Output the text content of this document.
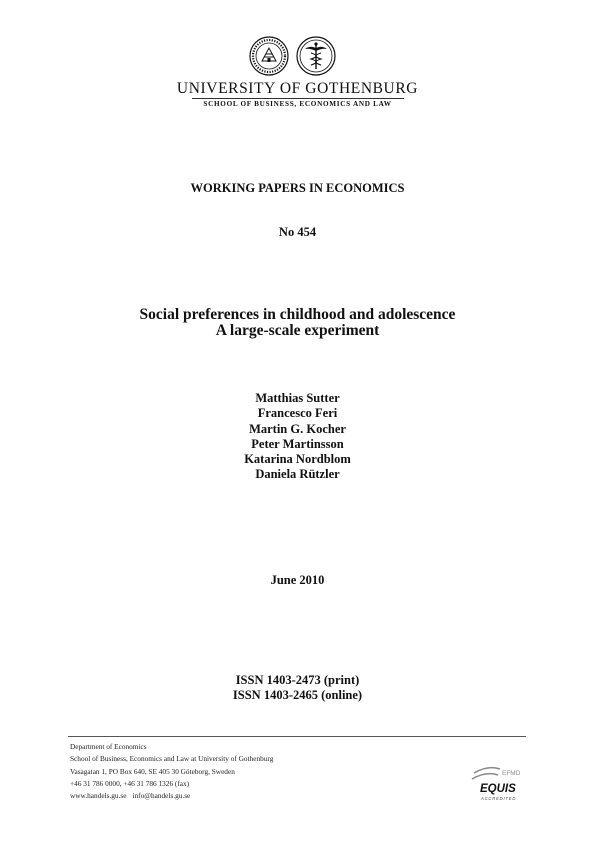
UNIVERSITY OF GOTHENBURG
SCHOOL OF BUSINESS, ECONOMICS AND LAW
WORKING PAPERS IN ECONOMICS
No 454
Social preferences in childhood and adolescence
A large-scale experiment
Matthias Sutter
Francesco Feri
Martin G. Kocher
Peter Martinsson
Katarina Nordblom
Daniela Rützler
June 2010
ISSN 1403-2473 (print)
ISSN 1403-2465 (online)
Department of Economics
School of Business, Economics and Law at University of Gothenburg
Vasagatan 1, PO Box 640, SE 405 30 Göteborg, Sweden
+46 31 786 0000, +46 31 786 1326 (fax)
www.handels.gu.se info@handels.gu.se
EFMD
EQUIS
ACCREDITED
